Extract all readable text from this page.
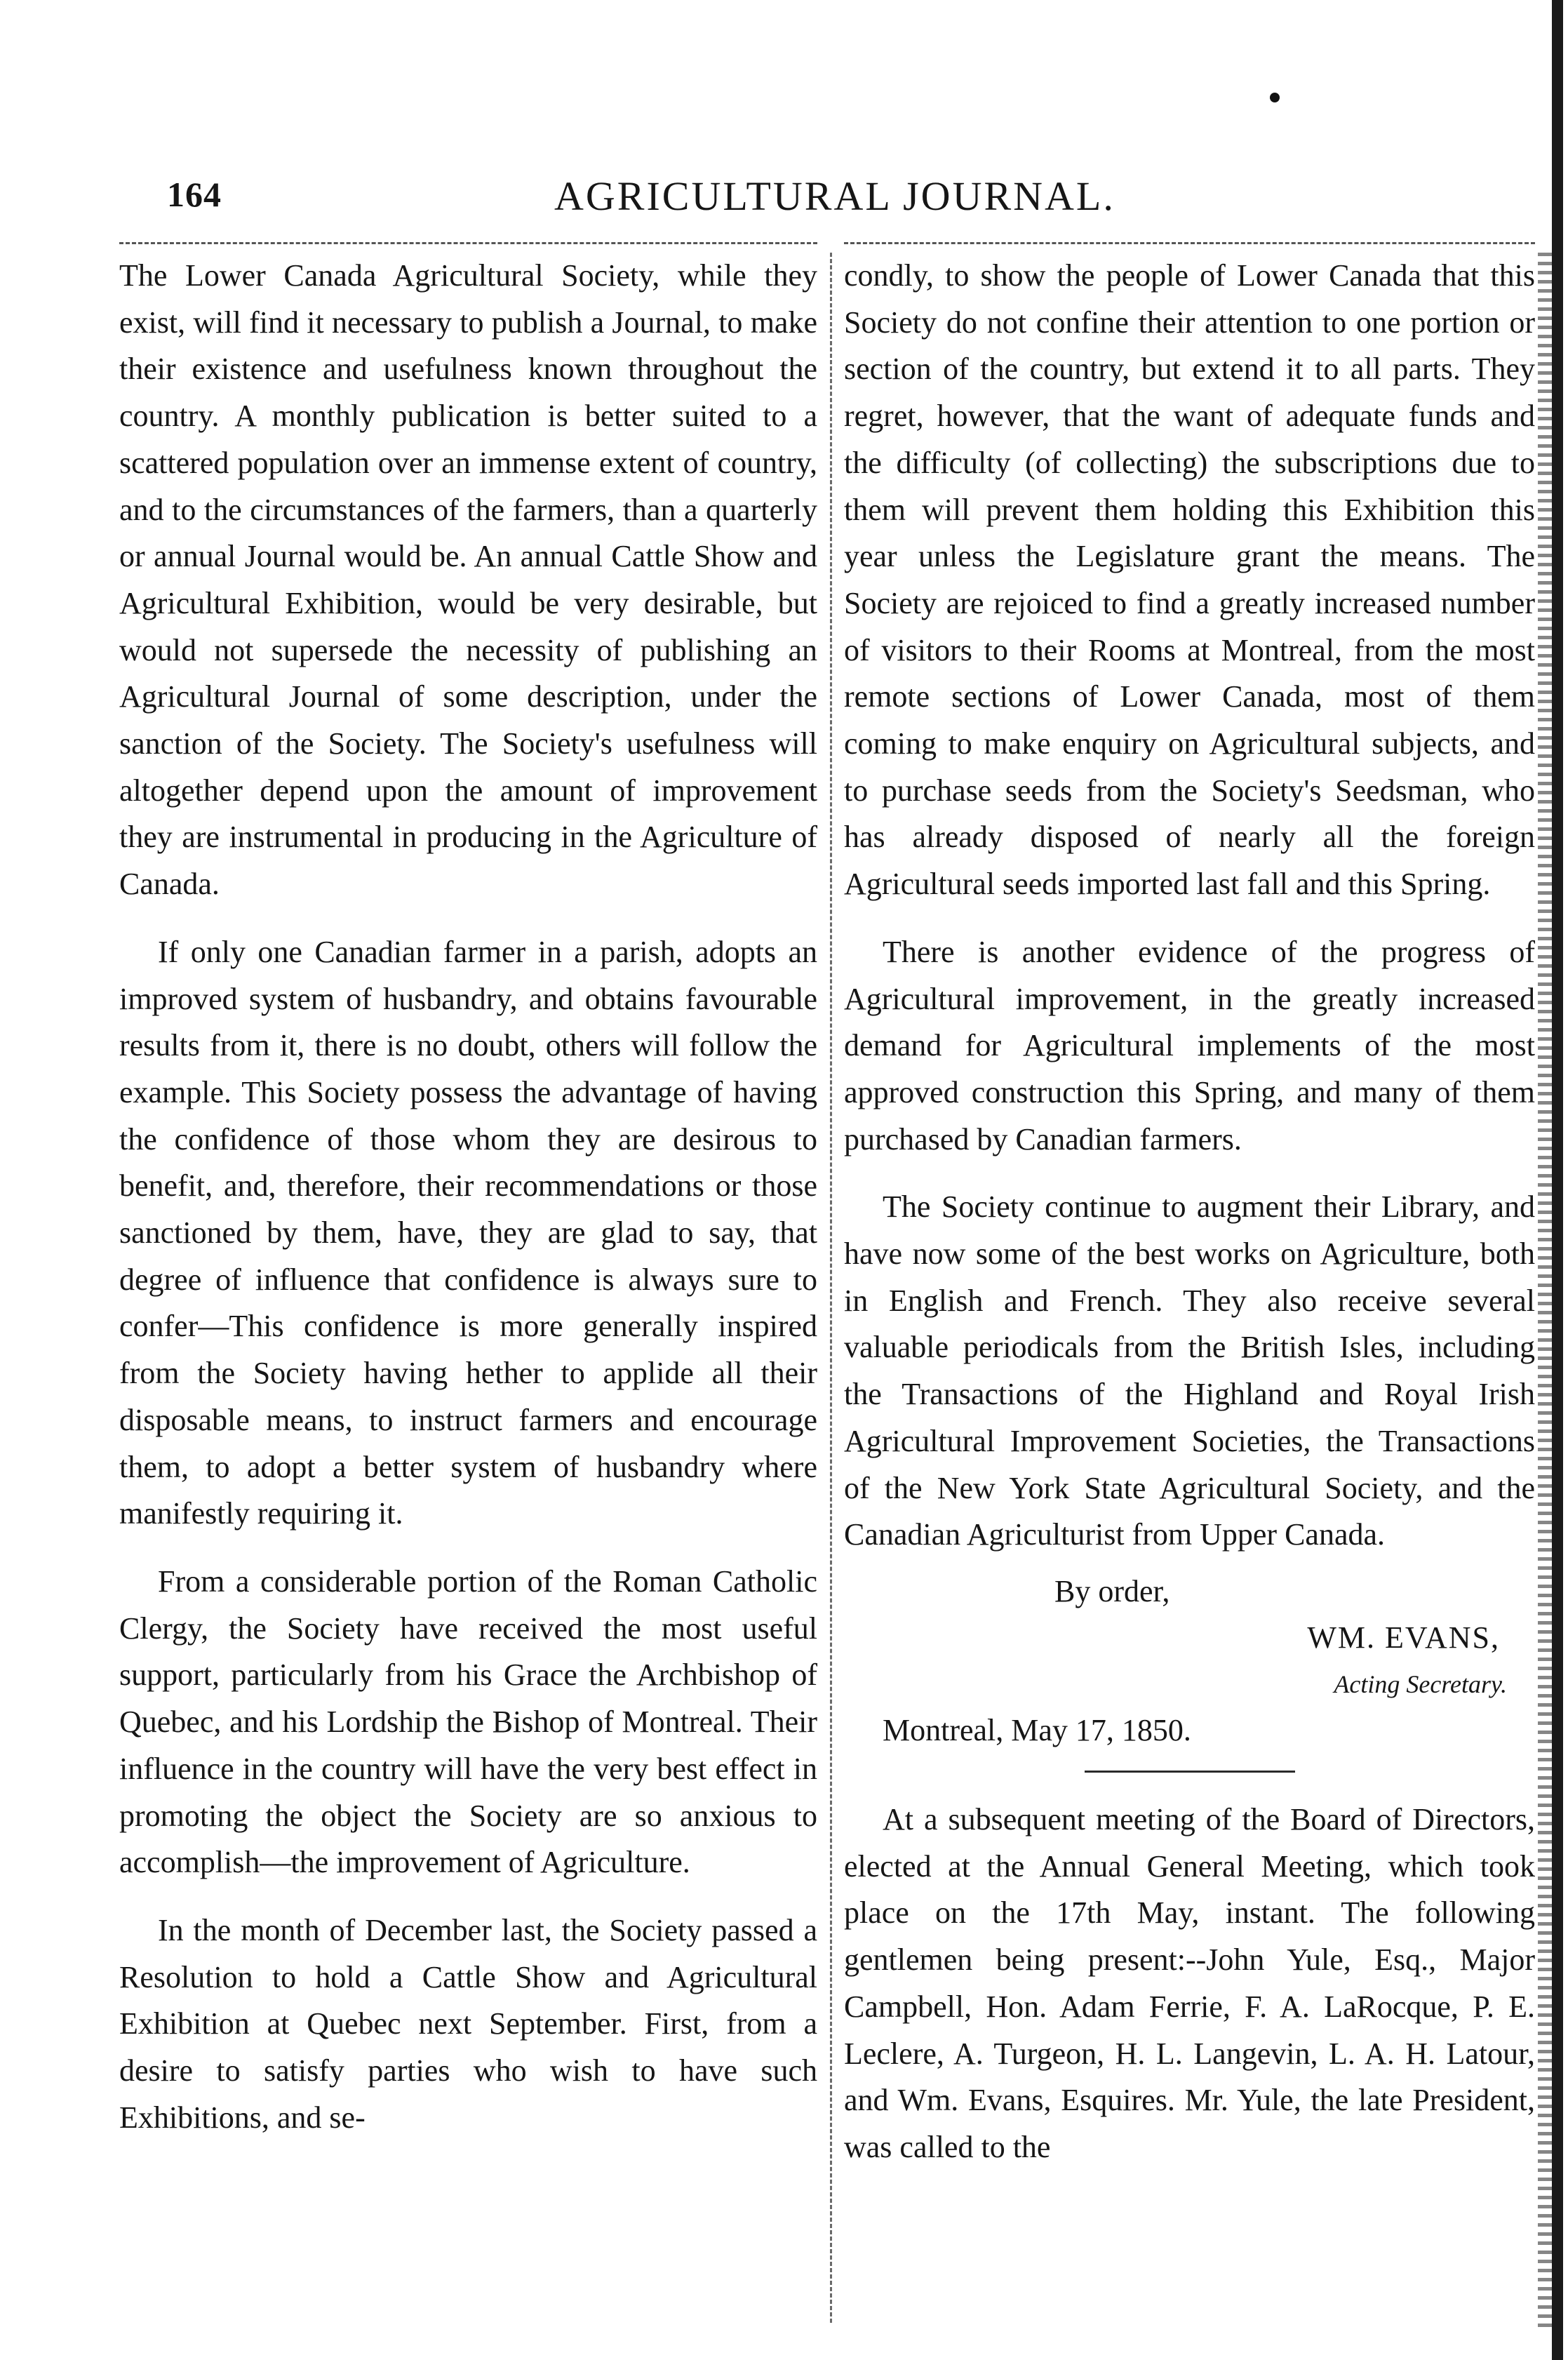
164	AGRICULTURAL JOURNAL.

The Lower Canada Agricultural Society, while they exist, will find it necessary to publish a Journal, to make their existence and usefulness known throughout the country. A monthly publication is better suited to a scattered population over an immense extent of country, and to the circumstances of the farmers, than a quarterly or annual Journal would be. An annual Cattle Show and Agricultural Exhibition, would be very desirable, but would not supersede the necessity of publishing an Agricultural Journal of some description, under the sanction of the Society. The Society's usefulness will altogether depend upon the amount of improvement they are instrumental in producing in the Agriculture of Canada.

If only one Canadian farmer in a parish, adopts an improved system of husbandry, and obtains favourable results from it, there is no doubt, others will follow the example. This Society possess the advantage of having the confidence of those whom they are desirous to benefit, and, therefore, their recommendations or those sanctioned by them, have, they are glad to say, that degree of influence that confidence is always sure to confer—This confidence is more generally inspired from the Society having hether to applide all their disposable means, to instruct farmers and encourage them, to adopt a better system of husbandry where manifestly requiring it.

From a considerable portion of the Roman Catholic Clergy, the Society have received the most useful support, particularly from his Grace the Archbishop of Quebec, and his Lordship the Bishop of Montreal. Their influence in the country will have the very best effect in promoting the object the Society are so anxious to accomplish—the improvement of Agriculture.

In the month of December last, the Society passed a Resolution to hold a Cattle Show and Agricultural Exhibition at Quebec next September. First, from a desire to satisfy parties who wish to have such Exhibitions, and se-

condly, to show the people of Lower Canada that this Society do not confine their attention to one portion or section of the country, but extend it to all parts. They regret, however, that the want of adequate funds and the difficulty (of collecting) the subscriptions due to them will prevent them holding this Exhibition this year unless the Legislature grant the means. The Society are rejoiced to find a greatly increased number of visitors to their Rooms at Montreal, from the most remote sections of Lower Canada, most of them coming to make enquiry on Agricultural subjects, and to purchase seeds from the Society's Seedsman, who has already disposed of nearly all the foreign Agricultural seeds imported last fall and this Spring.

There is another evidence of the progress of Agricultural improvement, in the greatly increased demand for Agricultural implements of the most approved construction this Spring, and many of them purchased by Canadian farmers.

The Society continue to augment their Library, and have now some of the best works on Agriculture, both in English and French. They also receive several valuable periodicals from the British Isles, including the Transactions of the Highland and Royal Irish Agricultural Improvement Societies, the Transactions of the New York State Agricultural Society, and the Canadian Agriculturist from Upper Canada.

By order,
WM. EVANS,
Acting Secretary.
Montreal, May 17, 1850.

At a subsequent meeting of the Board of Directors, elected at the Annual General Meeting, which took place on the 17th May, instant. The following gentlemen being present:--John Yule, Esq., Major Campbell, Hon. Adam Ferrie, F. A. LaRocque, P. E. Leclere, A. Turgeon, H. L. Langevin, L. A. H. Latour, and Wm. Evans, Esquires. Mr. Yule, the late President, was called to the
